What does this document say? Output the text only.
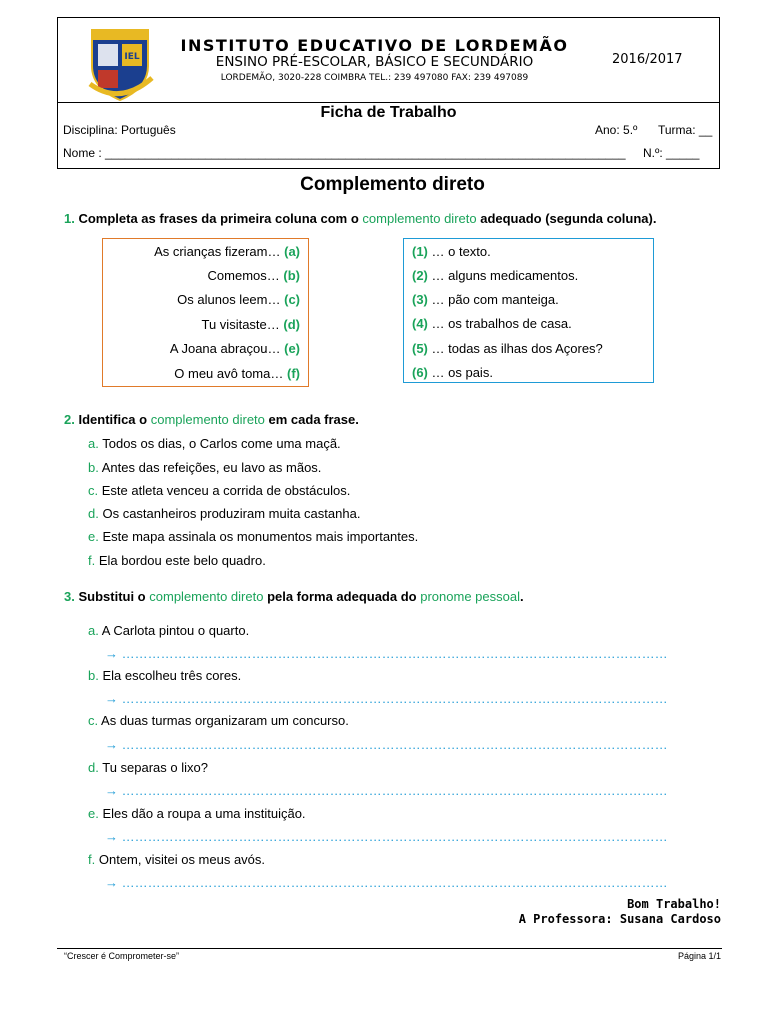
IEL
INSTITUTO EDUCATIVO DE LORDEMÃO
ENSINO PRÉ-ESCOLAR, BÁSICO E SECUNDÁRIO
LORDEMÃO, 3020-228 COIMBRA TEL.: 239 497080 FAX: 239 497089
2016/2017
Ficha de Trabalho
Disciplina: Português	Ano: 5.º Turma: __
Nome : ______________________________________________________________________________	N.º: _____
Complemento direto
1. Completa as frases da primeira coluna com o complemento direto adequado (segunda coluna).
As crianças fizeram… (a)
Comemos… (b)
Os alunos leem… (c)
Tu visitaste… (d)
A Joana abraçou… (e)
O meu avô toma… (f)
(1) … o texto.
(2) … alguns medicamentos.
(3) … pão com manteiga.
(4) … os trabalhos de casa.
(5) … todas as ilhas dos Açores?
(6) … os pais.
2. Identifica o complemento direto em cada frase.
a. Todos os dias, o Carlos come uma maçã.
b. Antes das refeições, eu lavo as mãos.
c. Este atleta venceu a corrida de obstáculos.
d. Os castanheiros produziram muita castanha.
e. Este mapa assinala os monumentos mais importantes.
f. Ela bordou este belo quadro.
3. Substitui o complemento direto pela forma adequada do pronome pessoal.
a. A Carlota pintou o quarto.
→ ………………………………………………………………………………………………………………
b. Ela escolheu três cores.
→ ………………………………………………………………………………………………………………
c. As duas turmas organizaram um concurso.
→ ………………………………………………………………………………………………………………
d. Tu separas o lixo?
→ ………………………………………………………………………………………………………………
e. Eles dão a roupa a uma instituição.
→ ………………………………………………………………………………………………………………
f. Ontem, visitei os meus avós.
→ ………………………………………………………………………………………………………………
Bom Trabalho!
A Professora: Susana Cardoso
“Crescer é Comprometer-se”	Página 1/1
